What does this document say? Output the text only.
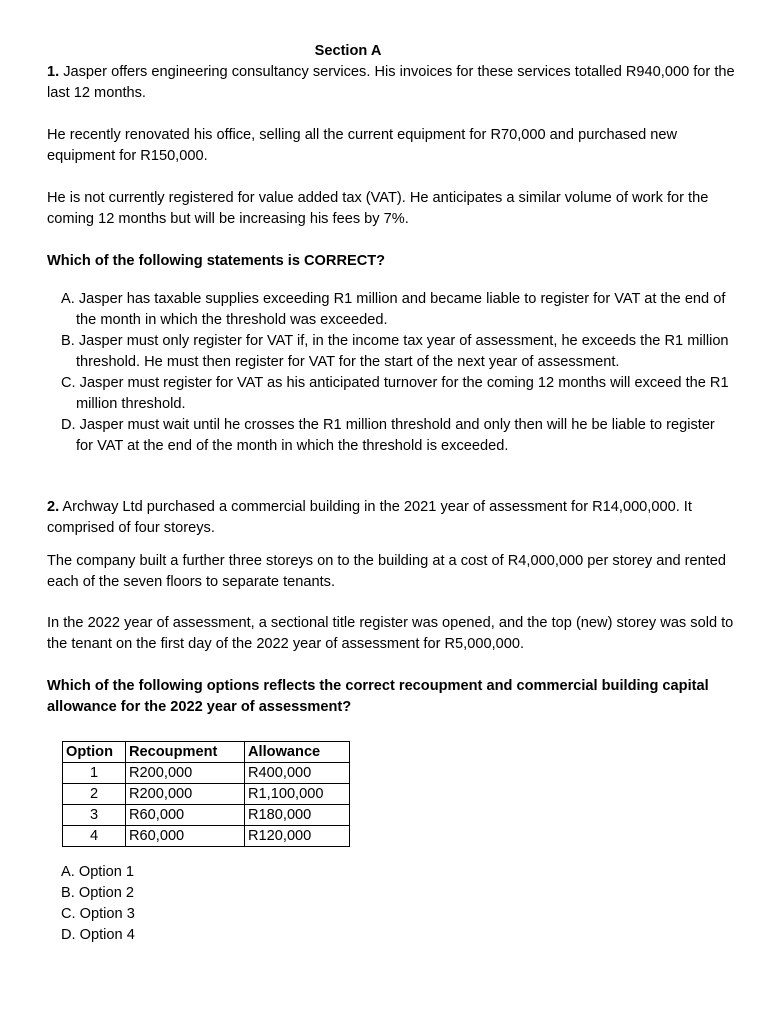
Section A

1. Jasper offers engineering consultancy services. His invoices for these services totalled R940,000 for the last 12 months.

He recently renovated his office, selling all the current equipment for R70,000 and purchased new equipment for R150,000.

He is not currently registered for value added tax (VAT). He anticipates a similar volume of work for the coming 12 months but will be increasing his fees by 7%.

Which of the following statements is CORRECT?

A. Jasper has taxable supplies exceeding R1 million and became liable to register for VAT at the end of the month in which the threshold was exceeded.
B. Jasper must only register for VAT if, in the income tax year of assessment, he exceeds the R1 million threshold. He must then register for VAT for the start of the next year of assessment.
C. Jasper must register for VAT as his anticipated turnover for the coming 12 months will exceed the R1 million threshold.
D. Jasper must wait until he crosses the R1 million threshold and only then will he be liable to register for VAT at the end of the month in which the threshold is exceeded.

2. Archway Ltd purchased a commercial building in the 2021 year of assessment for R14,000,000. It comprised of four storeys.

The company built a further three storeys on to the building at a cost of R4,000,000 per storey and rented each of the seven floors to separate tenants.

In the 2022 year of assessment, a sectional title register was opened, and the top (new) storey was sold to the tenant on the first day of the 2022 year of assessment for R5,000,000.

Which of the following options reflects the correct recoupment and commercial building capital allowance for the 2022 year of assessment?

Option	Recoupment	Allowance
1	R200,000	R400,000
2	R200,000	R1,100,000
3	R60,000	R180,000
4	R60,000	R120,000
A. Option 1
B. Option 2
C. Option 3
D. Option 4
